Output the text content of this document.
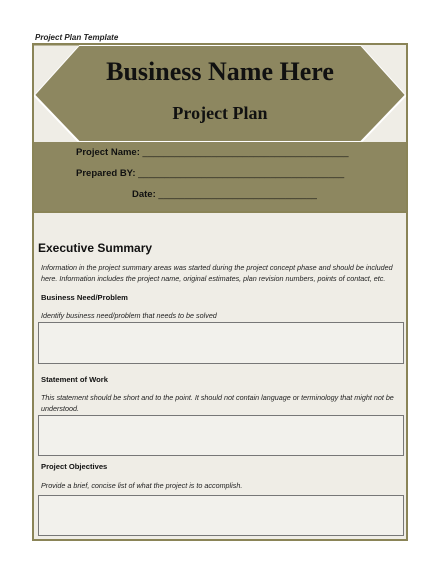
Project Plan Template
Business Name Here
Project Plan
Project Name: _______________________________________
Prepared BY: _______________________________________
Date: ______________________________
Executive Summary
Information in the project summary areas was started during the project concept phase and should be included here. Information includes the project name, original estimates, plan revision numbers, points of contact, etc.
Business Need/Problem
Identify business need/problem that needs to be solved
Statement of Work
This statement should be short and to the point. It should not contain language or terminology that might not be understood.
Project Objectives
Provide a brief, concise list of what the project is to accomplish.
